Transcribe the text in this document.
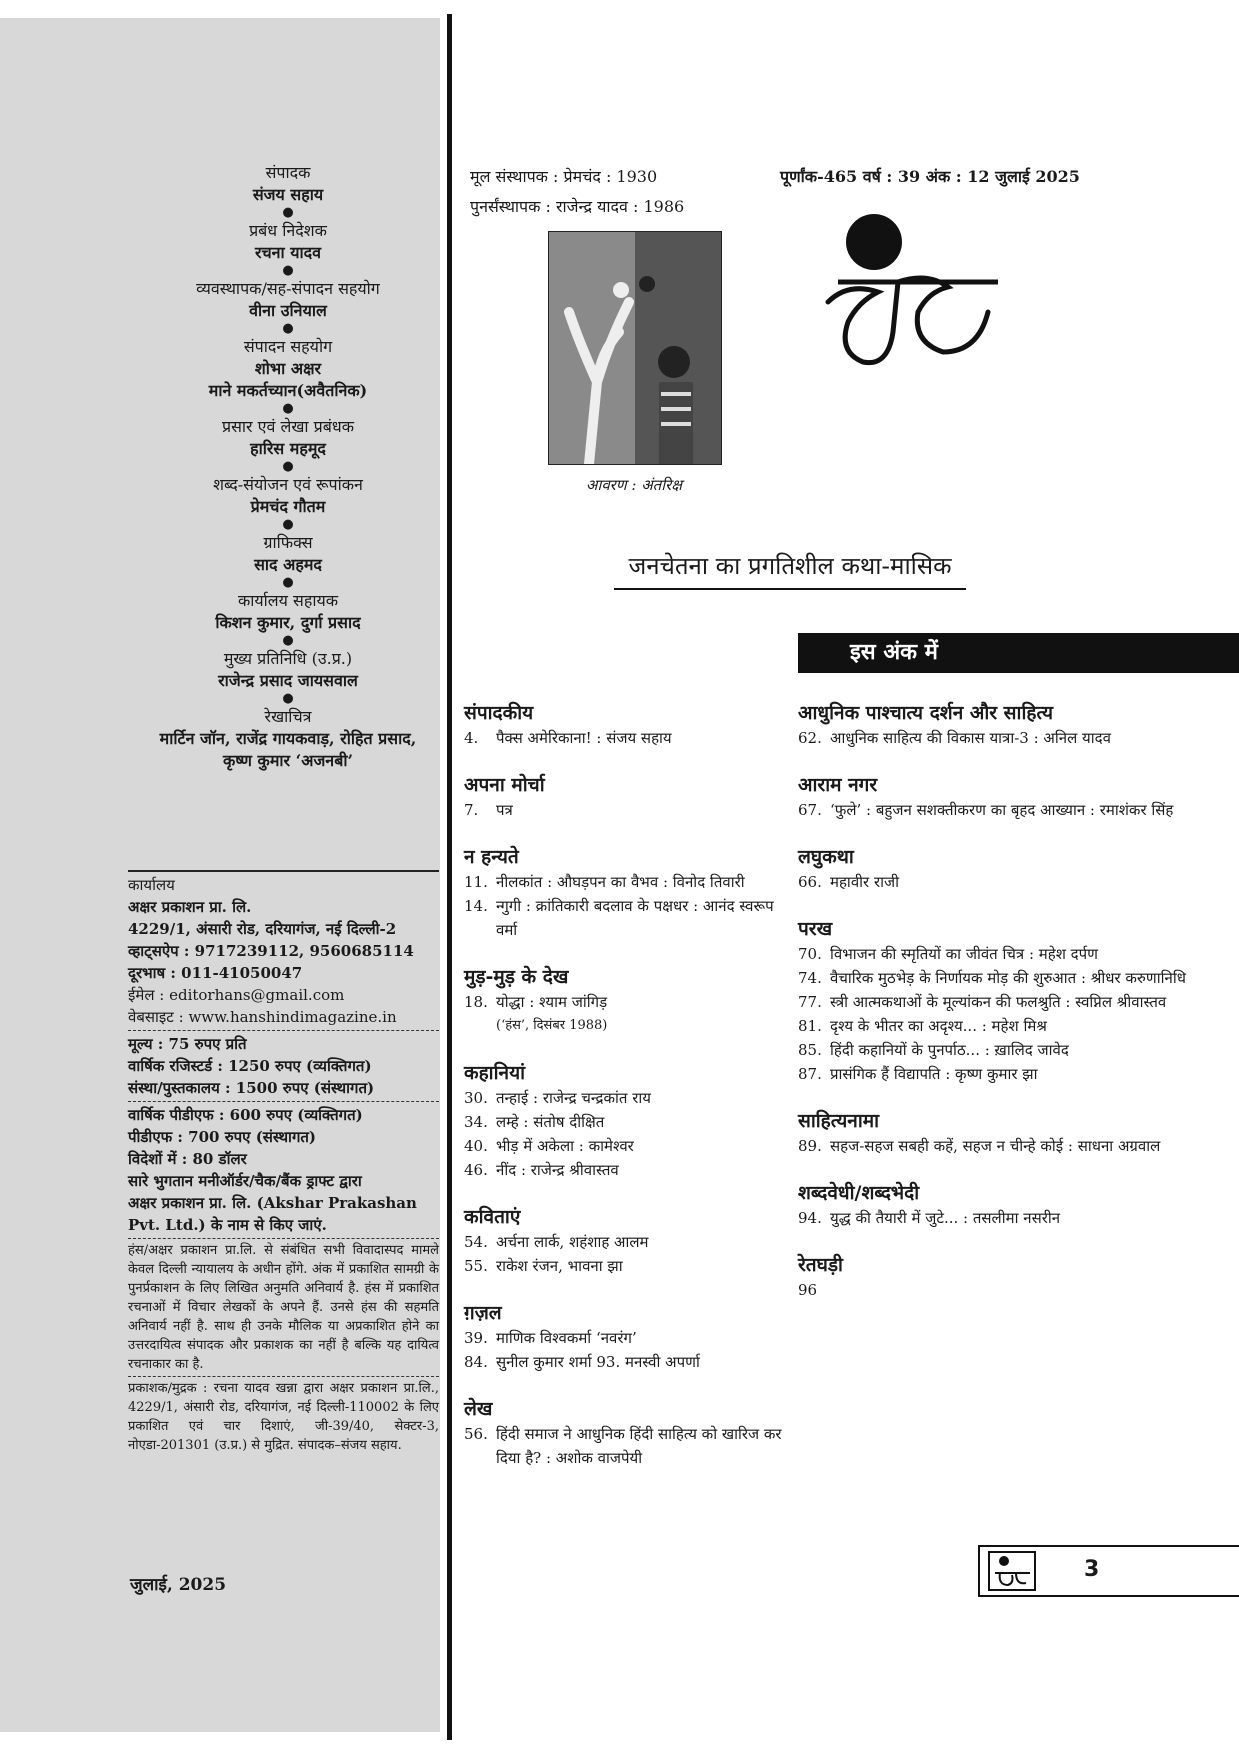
संपादक
संजय सहाय
●
प्रबंध निदेशक
रचना यादव
●
व्यवस्थापक/सह-संपादन सहयोग
वीना उनियाल
●
संपादन सहयोग
शोभा अक्षर
माने मकर्तच्यान(अवैतनिक)
●
प्रसार एवं लेखा प्रबंधक
हारिस महमूद
●
शब्द-संयोजन एवं रूपांकन
प्रेमचंद गौतम
●
ग्राफिक्स
साद अहमद
●
कार्यालय सहायक
किशन कुमार, दुर्गा प्रसाद
●
मुख्य प्रतिनिधि (उ.प्र.)
राजेन्द्र प्रसाद जायसवाल
●
रेखाचित्र
मार्टिन जॉन, राजेंद्र गायकवाड़, रोहित प्रसाद,
कृष्ण कुमार ‘अजनबी’
कार्यालय
अक्षर प्रकाशन प्रा. लि.
4229/1, अंसारी रोड, दरियागंज, नई दिल्ली-2
व्हाट्सऐप : 9717239112, 9560685114
दूरभाष : 011-41050047
ईमेल : editorhans@gmail.com
वेबसाइट : www.hanshindimagazine.in
मूल्य : 75 रुपए प्रति
वार्षिक रजिस्टर्ड : 1250 रुपए (व्यक्तिगत)
संस्था/पुस्तकालय : 1500 रुपए (संस्थागत)
वार्षिक पीडीएफ : 600 रुपए (व्यक्तिगत)
पीडीएफ : 700 रुपए (संस्थागत)
विदेशों में : 80 डॉलर
सारे भुगतान मनीऑर्डर/चैक/बैंक ड्राफ्ट द्वारा
अक्षर प्रकाशन प्रा. लि. (Akshar Prakashan
Pvt. Ltd.) के नाम से किए जाएं.
हंस/अक्षर प्रकाशन प्रा.लि. से संबंधित सभी विवादास्पद मामले केवल दिल्ली न्यायालय के अधीन होंगे. अंक में प्रकाशित सामग्री के पुनर्प्रकाशन के लिए लिखित अनुमति अनिवार्य है. हंस में प्रकाशित रचनाओं में विचार लेखकों के अपने हैं. उनसे हंस की सहमति अनिवार्य नहीं है. साथ ही उनके मौलिक या अप्रकाशित होने का उत्तरदायित्व संपादक और प्रकाशक का नहीं है बल्कि यह दायित्व रचनाकार का है.
प्रकाशक/मुद्रक : रचना यादव खन्ना द्वारा अक्षर प्रकाशन प्रा.लि., 4229/1, अंसारी रोड, दरियागंज, नई दिल्ली-110002 के लिए प्रकाशित एवं चार दिशाएं, जी-39/40, सेक्टर-3, नोएडा-201301 (उ.प्र.) से मुद्रित. संपादक–संजय सहाय.
जुलाई, 2025
मूल संस्थापक : प्रेमचंद : 1930
पुनर्संस्थापक : राजेन्द्र यादव : 1986
पूर्णांक-465 वर्ष : 39 अंक : 12 जुलाई 2025
आवरण : अंतरिक्ष
जनचेतना का प्रगतिशील कथा-मासिक
इस अंक में
संपादकीय
4.	पैक्स अमेरिकाना! : संजय सहाय
अपना मोर्चा
7.	पत्र
न हन्यते
11. नीलकांत : औघड़पन का वैभव : विनोद तिवारी
14. न्गुगी : क्रांतिकारी बदलाव के पक्षधर : आनंद स्वरूप वर्मा
मुड़-मुड़ के देख
18. योद्धा : श्याम जांगिड़
(‘हंस’, दिसंबर 1988)
कहानियां
30. तन्हाई : राजेन्द्र चन्द्रकांत राय
34. लम्हे : संतोष दीक्षित
40. भीड़ में अकेला : कामेश्वर
46. नींद : राजेन्द्र श्रीवास्तव
कविताएं
54. अर्चना लार्क, शहंशाह आलम
55. राकेश रंजन, भावना झा
ग़ज़ल
39. माणिक विश्वकर्मा ‘नवरंग’
84. सुनील कुमार शर्मा 93. मनस्वी अपर्णा
लेख
56. हिंदी समाज ने आधुनिक हिंदी साहित्य को खारिज कर दिया है? : अशोक वाजपेयी
आधुनिक पाश्चात्य दर्शन और साहित्य
62. आधुनिक साहित्य की विकास यात्रा-3 : अनिल यादव
आराम नगर
67. ‘फुले’ : बहुजन सशक्तीकरण का बृहद आख्यान : रमाशंकर सिंह
लघुकथा
66. महावीर राजी
परख
70. विभाजन की स्मृतियों का जीवंत चित्र : महेश दर्पण
74. वैचारिक मुठभेड़ के निर्णायक मोड़ की शुरुआत : श्रीधर करुणानिधि
77. स्त्री आत्मकथाओं के मूल्यांकन की फलश्रुति : स्वप्निल श्रीवास्तव
81. दृश्य के भीतर का अदृश्य... : महेश मिश्र
85. हिंदी कहानियों के पुनर्पाठ... : ख़ालिद जावेद
87. प्रासंगिक हैं विद्यापति : कृष्ण कुमार झा
साहित्यनामा
89. सहज-सहज सबही कहें, सहज न चीन्हे कोई : साधना अग्रवाल
शब्दवेधी/शब्दभेदी
94. युद्ध की तैयारी में जुटे... : तसलीमा नसरीन
रेतघड़ी
96
3
